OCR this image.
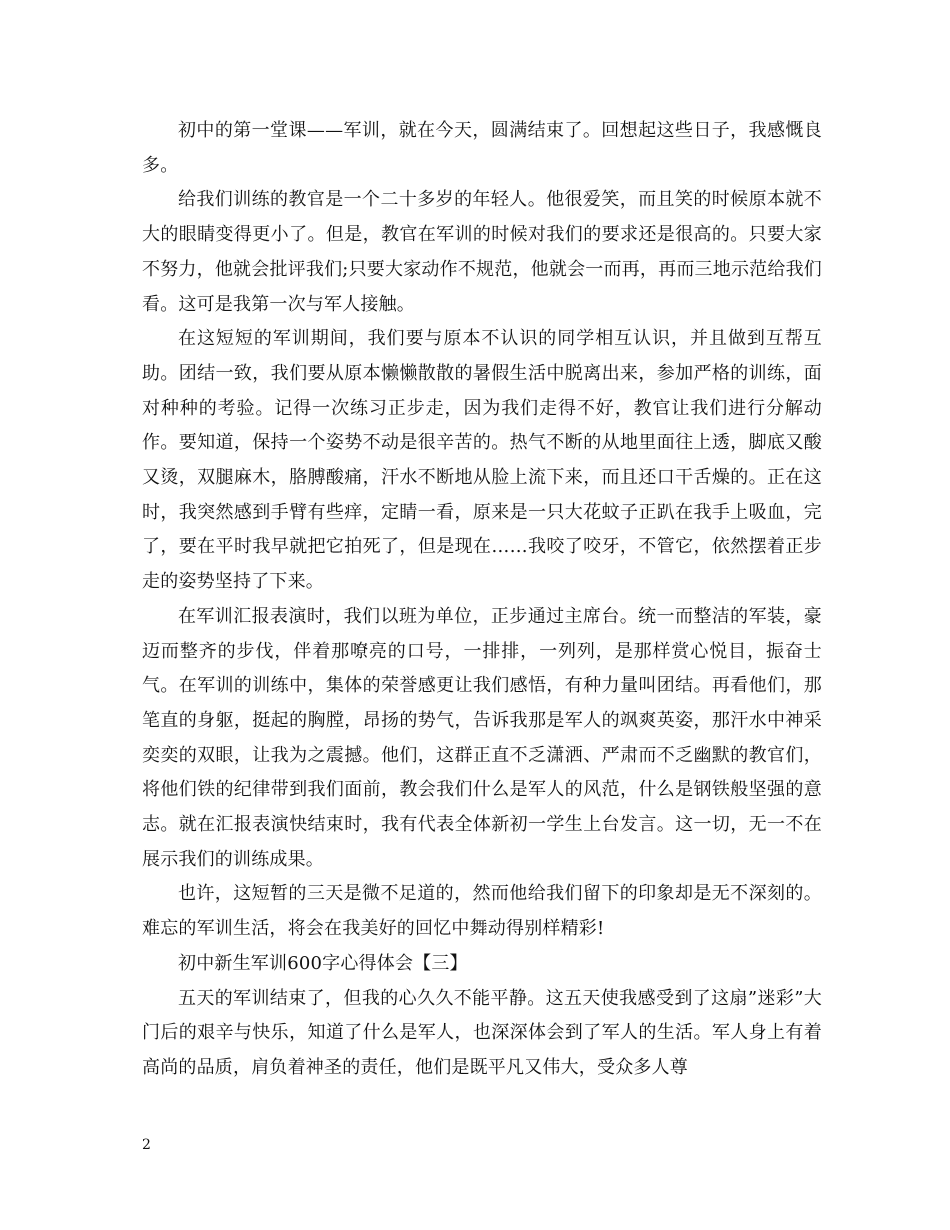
初中的第一堂课——军训，就在今天，圆满结束了。回想起这些日子，我感慨良多。

给我们训练的教官是一个二十多岁的年轻人。他很爱笑，而且笑的时候原本就不大的眼睛变得更小了。但是，教官在军训的时候对我们的要求还是很高的。只要大家不努力，他就会批评我们;只要大家动作不规范，他就会一而再，再而三地示范给我们看。这可是我第一次与军人接触。

在这短短的军训期间，我们要与原本不认识的同学相互认识，并且做到互帮互助。团结一致，我们要从原本懒懒散散的暑假生活中脱离出来，参加严格的训练，面对种种的考验。记得一次练习正步走，因为我们走得不好，教官让我们进行分解动作。要知道，保持一个姿势不动是很辛苦的。热气不断的从地里面往上透，脚底又酸又烫，双腿麻木，胳膊酸痛，汗水不断地从脸上流下来，而且还口干舌燥的。正在这时，我突然感到手臂有些痒，定睛一看，原来是一只大花蚊子正趴在我手上吸血，完了，要在平时我早就把它拍死了，但是现在……我咬了咬牙，不管它，依然摆着正步走的姿势坚持了下来。

在军训汇报表演时，我们以班为单位，正步通过主席台。统一而整洁的军装，豪迈而整齐的步伐，伴着那嘹亮的口号，一排排，一列列，是那样赏心悦目，振奋士气。在军训的训练中，集体的荣誉感更让我们感悟，有种力量叫团结。再看他们，那笔直的身躯，挺起的胸膛，昂扬的势气，告诉我那是军人的飒爽英姿，那汗水中神采奕奕的双眼，让我为之震撼。他们，这群正直不乏潇洒、严肃而不乏幽默的教官们，将他们铁的纪律带到我们面前，教会我们什么是军人的风范，什么是钢铁般坚强的意志。就在汇报表演快结束时，我有代表全体新初一学生上台发言。这一切，无一不在展示我们的训练成果。

也许，这短暂的三天是微不足道的，然而他给我们留下的印象却是无不深刻的。难忘的军训生活，将会在我美好的回忆中舞动得别样精彩!

初中新生军训600字心得体会【三】

五天的军训结束了，但我的心久久不能平静。这五天使我感受到了这扇”迷彩”大门后的艰辛与快乐，知道了什么是军人，也深深体会到了军人的生活。军人身上有着高尚的品质，肩负着神圣的责任，他们是既平凡又伟大，受众多人尊

2
